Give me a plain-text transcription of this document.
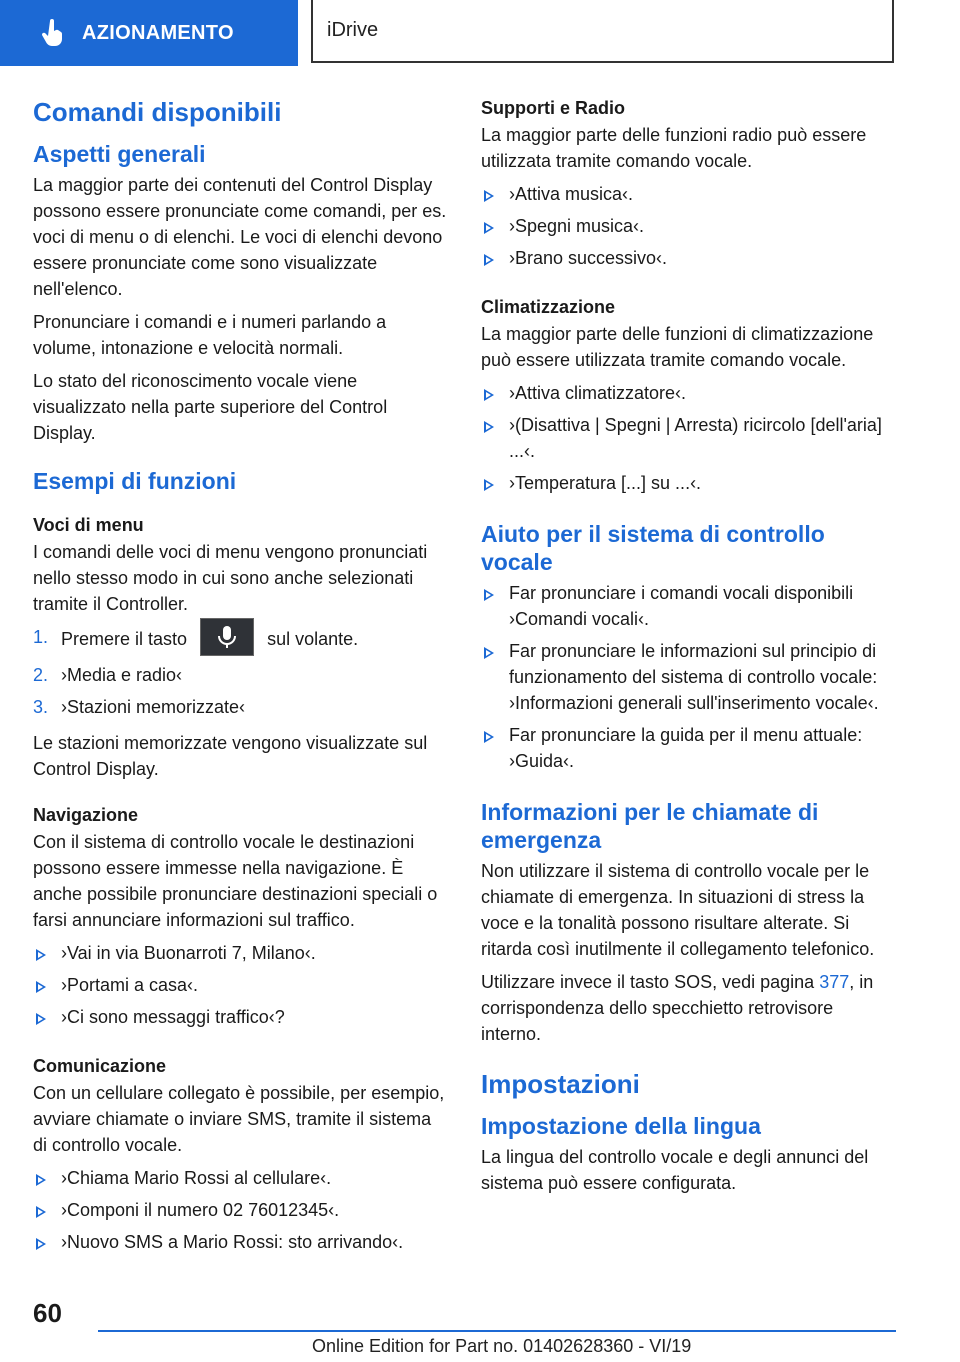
AZIONAMENTO	iDrive
Comandi disponibili
Aspetti generali

La maggior parte dei contenuti del Control Display possono essere pronunciate come comandi, per es. voci di menu o di elenchi. Le voci di elenchi devono essere pronunciate come sono visualizzate nell'elenco.

Pronunciare i comandi e i numeri parlando a volume, intonazione e velocità normali.

Lo stato del riconoscimento vocale viene visualizzato nella parte superiore del Control Display.

Esempi di funzioni
Voci di menu

I comandi delle voci di menu vengono pronunciati nello stesso modo in cui sono anche selezionati tramite il Controller.

1. Premere il tasto	sul volante.
2. ›Media e radio‹
3. ›Stazioni memorizzate‹

Le stazioni memorizzate vengono visualizzate sul Control Display.

Navigazione

Con il sistema di controllo vocale le destinazioni possono essere immesse nella navigazione. È anche possibile pronunciare destinazioni speciali o farsi annunciare informazioni sul traffico.

›Vai in via Buonarroti 7, Milano‹.
›Portami a casa‹.
›Ci sono messaggi traffico‹?
Comunicazione

Con un cellulare collegato è possibile, per esempio, avviare chiamate o inviare SMS, tramite il sistema di controllo vocale.

›Chiama Mario Rossi al cellulare‹.
›Componi il numero 02 76012345‹.
›Nuovo SMS a Mario Rossi: sto arrivando‹.
Supporti e Radio

La maggior parte delle funzioni radio può essere utilizzata tramite comando vocale.

›Attiva musica‹.
›Spegni musica‹.
›Brano successivo‹.
Climatizzazione

La maggior parte delle funzioni di climatizzazione può essere utilizzata tramite comando vocale.

›Attiva climatizzatore‹.
›(Disattiva | Spegni | Arresta) ricircolo [dell'aria] ...‹.
›Temperatura [...] su ...‹.
Aiuto per il sistema di controllo vocale
Far pronunciare i comandi vocali disponibili ›Comandi vocali‹.
Far pronunciare le informazioni sul principio di funzionamento del sistema di controllo vocale: ›Informazioni generali sull'inserimento vocale‹.
Far pronunciare la guida per il menu attuale: ›Guida‹.
Informazioni per le chiamate di emergenza

Non utilizzare il sistema di controllo vocale per le chiamate di emergenza. In situazioni di stress la voce e la tonalità possono risultare alterate. Si ritarda così inutilmente il collegamento telefonico.

Utilizzare invece il tasto SOS, vedi pagina 377, in corrispondenza dello specchietto retrovisore interno.

Impostazioni
Impostazione della lingua

La lingua del controllo vocale e degli annunci del sistema può essere configurata.

60
Online Edition for Part no. 01402628360 - VI/19
